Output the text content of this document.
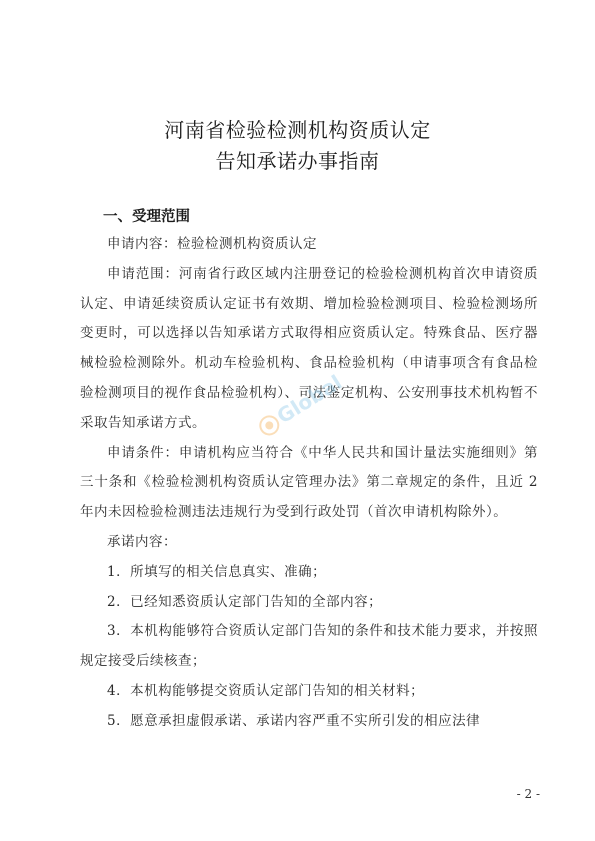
河南省检验检测机构资质认定
告知承诺办事指南
一、受理范围

申请内容：检验检测机构资质认定

申请范围：河南省行政区域内注册登记的检验检测机构首次申请资质认定、申请延续资质认定证书有效期、增加检验检测项目、检验检测场所变更时，可以选择以告知承诺方式取得相应资质认定。特殊食品、医疗器械检验检测除外。机动车检验机构、食品检验机构（申请事项含有食品检验检测项目的视作食品检验机构）、司法鉴定机构、公安刑事技术机构暂不采取告知承诺方式。

申请条件：申请机构应当符合《中华人民共和国计量法实施细则》第三十条和《检验检测机构资质认定管理办法》第二章规定的条件，且近 2 年内未因检验检测违法违规行为受到行政处罚（首次申请机构除外）。

承诺内容：

1．所填写的相关信息真实、准确；

2．已经知悉资质认定部门告知的全部内容；

3．本机构能够符合资质认定部门告知的条件和技术能力要求，并按照规定接受后续核查；

4．本机构能够提交资质认定部门告知的相关材料；

5．愿意承担虚假承诺、承诺内容严重不实所引发的相应法律

Global
- 2 -
